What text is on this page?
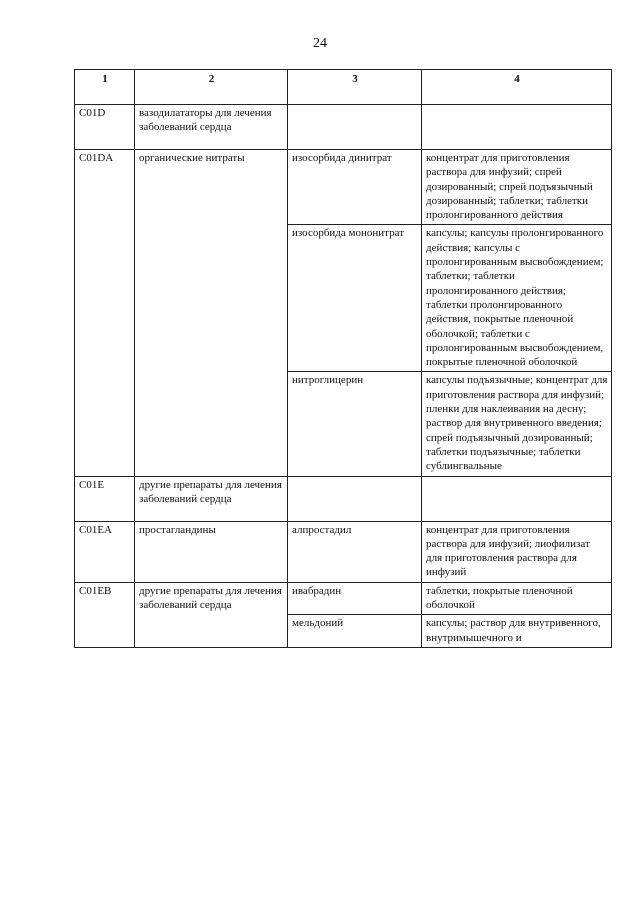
24
1	2	3	4
C01D	вазодилататоры для лечения заболеваний сердца		
C01DA	органические нитраты	изосорбида динитрат	концентрат для приготовления раствора для инфузий; спрей дозированный; спрей подъязычный дозированный; таблетки; таблетки пролонгированного действия
		изосорбида мононитрат	капсулы; капсулы пролонгированного действия; капсулы с пролонгированным высвобождением; таблетки; таблетки пролонгированного действия; таблетки пролонгированного действия, покрытые пленочной оболочкой; таблетки с пролонгированным высвобождением, покрытые пленочной оболочкой
		нитроглицерин	капсулы подъязычные; концентрат для приготовления раствора для инфузий; пленки для наклеивания на десну; раствор для внутривенного введения; спрей подъязычный дозированный; таблетки подъязычные; таблетки сублингвальные
C01E	другие препараты для лечения заболеваний сердца		
C01EA	простагландины	алпростадил	концентрат для приготовления раствора для инфузий; лиофилизат для приготовления раствора для инфузий
C01EB	другие препараты для лечения заболеваний сердца	ивабрадин	таблетки, покрытые пленочной оболочкой
		мельдоний	капсулы; раствор для внутривенного, внутримышечного и
